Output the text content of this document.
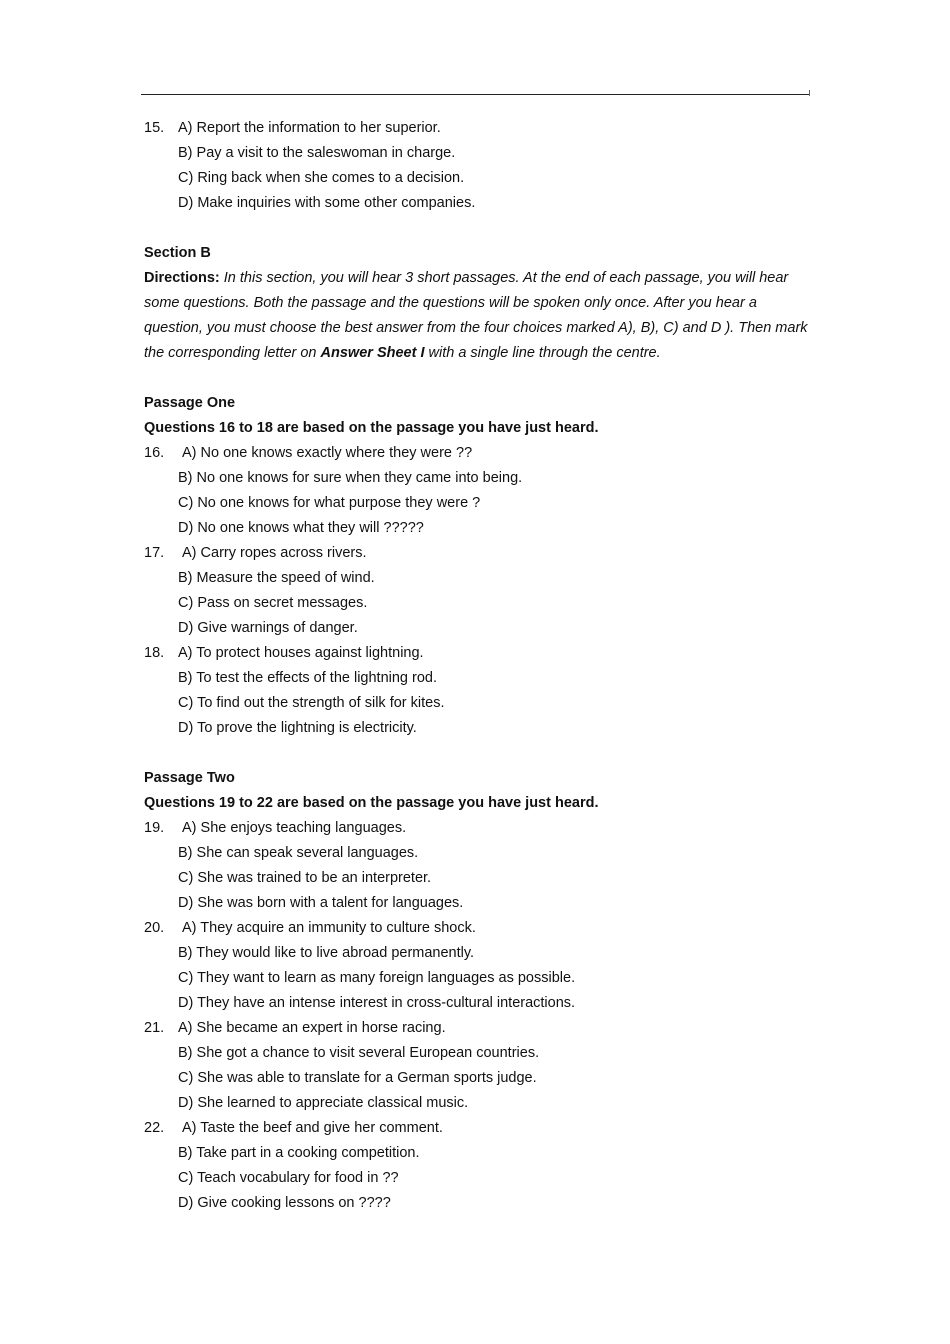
15. A) Report the information to her superior.
B) Pay a visit to the saleswoman in charge.
C) Ring back when she comes to a decision.
D) Make inquiries with some other companies.
Section B
Directions: In this section, you will hear 3 short passages. At the end of each passage, you will hear some questions. Both the passage and the questions will be spoken only once. After you hear a question, you must choose the best answer from the four choices marked A), B), C) and D ). Then mark the corresponding letter on Answer Sheet I with a single line through the centre.
Passage One
Questions 16 to 18 are based on the passage you have just heard.
16.	A) No one knows exactly where they were ??
B) No one knows for sure when they came into being.
C) No one knows for what purpose they were ?
D) No one knows what they will ?????
17.	A) Carry ropes across rivers.
B) Measure the speed of wind.
C) Pass on secret messages.
D) Give warnings of danger.
18. A) To protect houses against lightning.
B) To test the effects of the lightning rod.
C) To find out the strength of silk for kites.
D) To prove the lightning is electricity.
Passage Two
Questions 19 to 22 are based on the passage you have just heard.
19.	A) She enjoys teaching languages.
B) She can speak several languages.
C) She was trained to be an interpreter.
D) She was born with a talent for languages.
20.	A) They acquire an immunity to culture shock.
B) They would like to live abroad permanently.
C) They want to learn as many foreign languages as possible.
D) They have an intense interest in cross-cultural interactions.
21. A) She became an expert in horse racing.
B) She got a chance to visit several European countries.
C) She was able to translate for a German sports judge.
D) She learned to appreciate classical music.
22.	A) Taste the beef and give her comment.
B) Take part in a cooking competition.
C) Teach vocabulary for food in ??
D) Give cooking lessons on ????
